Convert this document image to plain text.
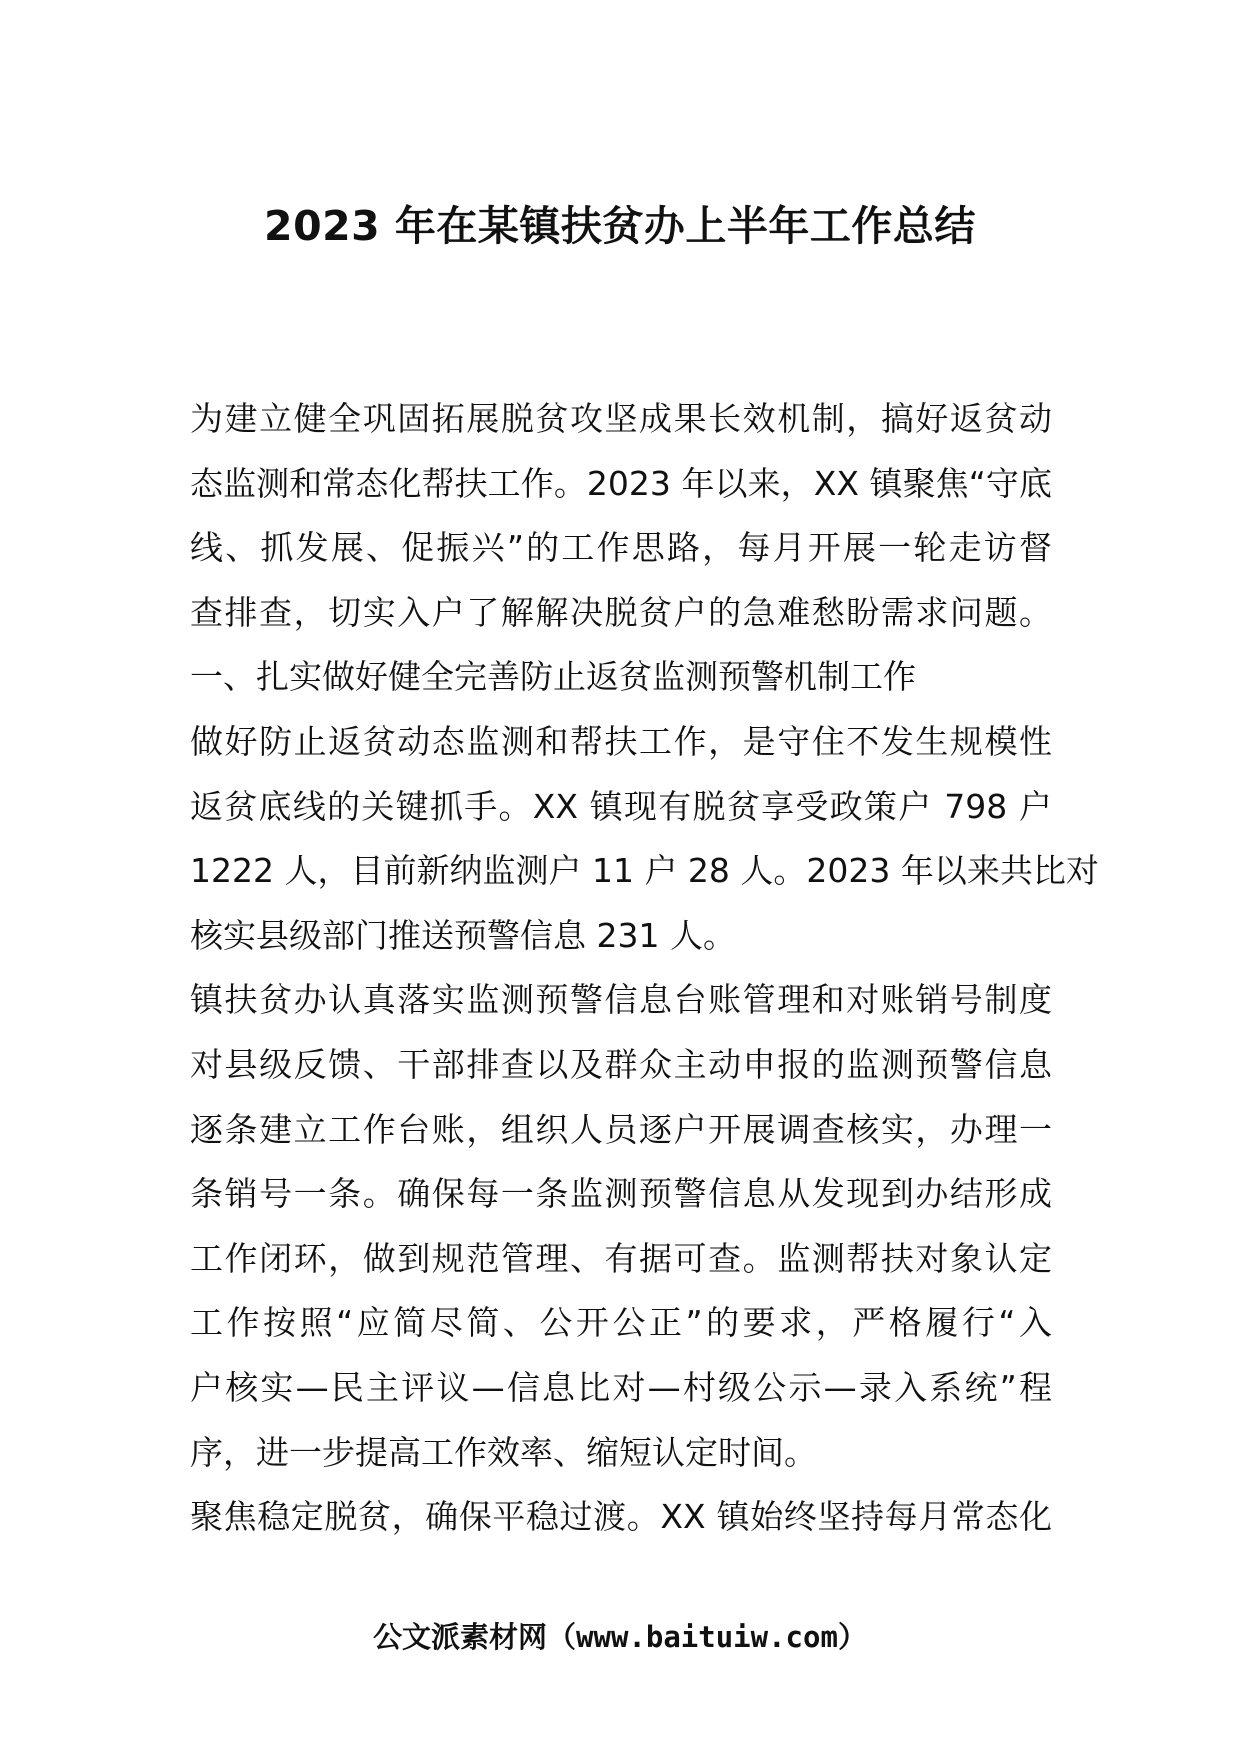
2023 年在某镇扶贫办上半年工作总结
为建立健全巩固拓展脱贫攻坚成果长效机制，搞好返贫动
态监测和常态化帮扶工作。2023 年以来，XX 镇聚焦“守底
线、抓发展、促振兴”的工作思路，每月开展一轮走访督
查排查，切实入户了解解决脱贫户的急难愁盼需求问题。
一、扎实做好健全完善防止返贫监测预警机制工作
做好防止返贫动态监测和帮扶工作，是守住不发生规模性
返贫底线的关键抓手。XX 镇现有脱贫享受政策户 798 户
1222 人，目前新纳监测户 11 户 28 人。2023 年以来共比对
核实县级部门推送预警信息 231 人。
镇扶贫办认真落实监测预警信息台账管理和对账销号制度
对县级反馈、干部排查以及群众主动申报的监测预警信息
逐条建立工作台账，组织人员逐户开展调查核实，办理一
条销号一条。确保每一条监测预警信息从发现到办结形成
工作闭环，做到规范管理、有据可查。监测帮扶对象认定
工作按照“应简尽简、公开公正”的要求，严格履行“入
户核实—民主评议—信息比对—村级公示—录入系统”程
序，进一步提高工作效率、缩短认定时间。
聚焦稳定脱贫，确保平稳过渡。XX 镇始终坚持每月常态化
公文派素材网（www.baituiw.com）
